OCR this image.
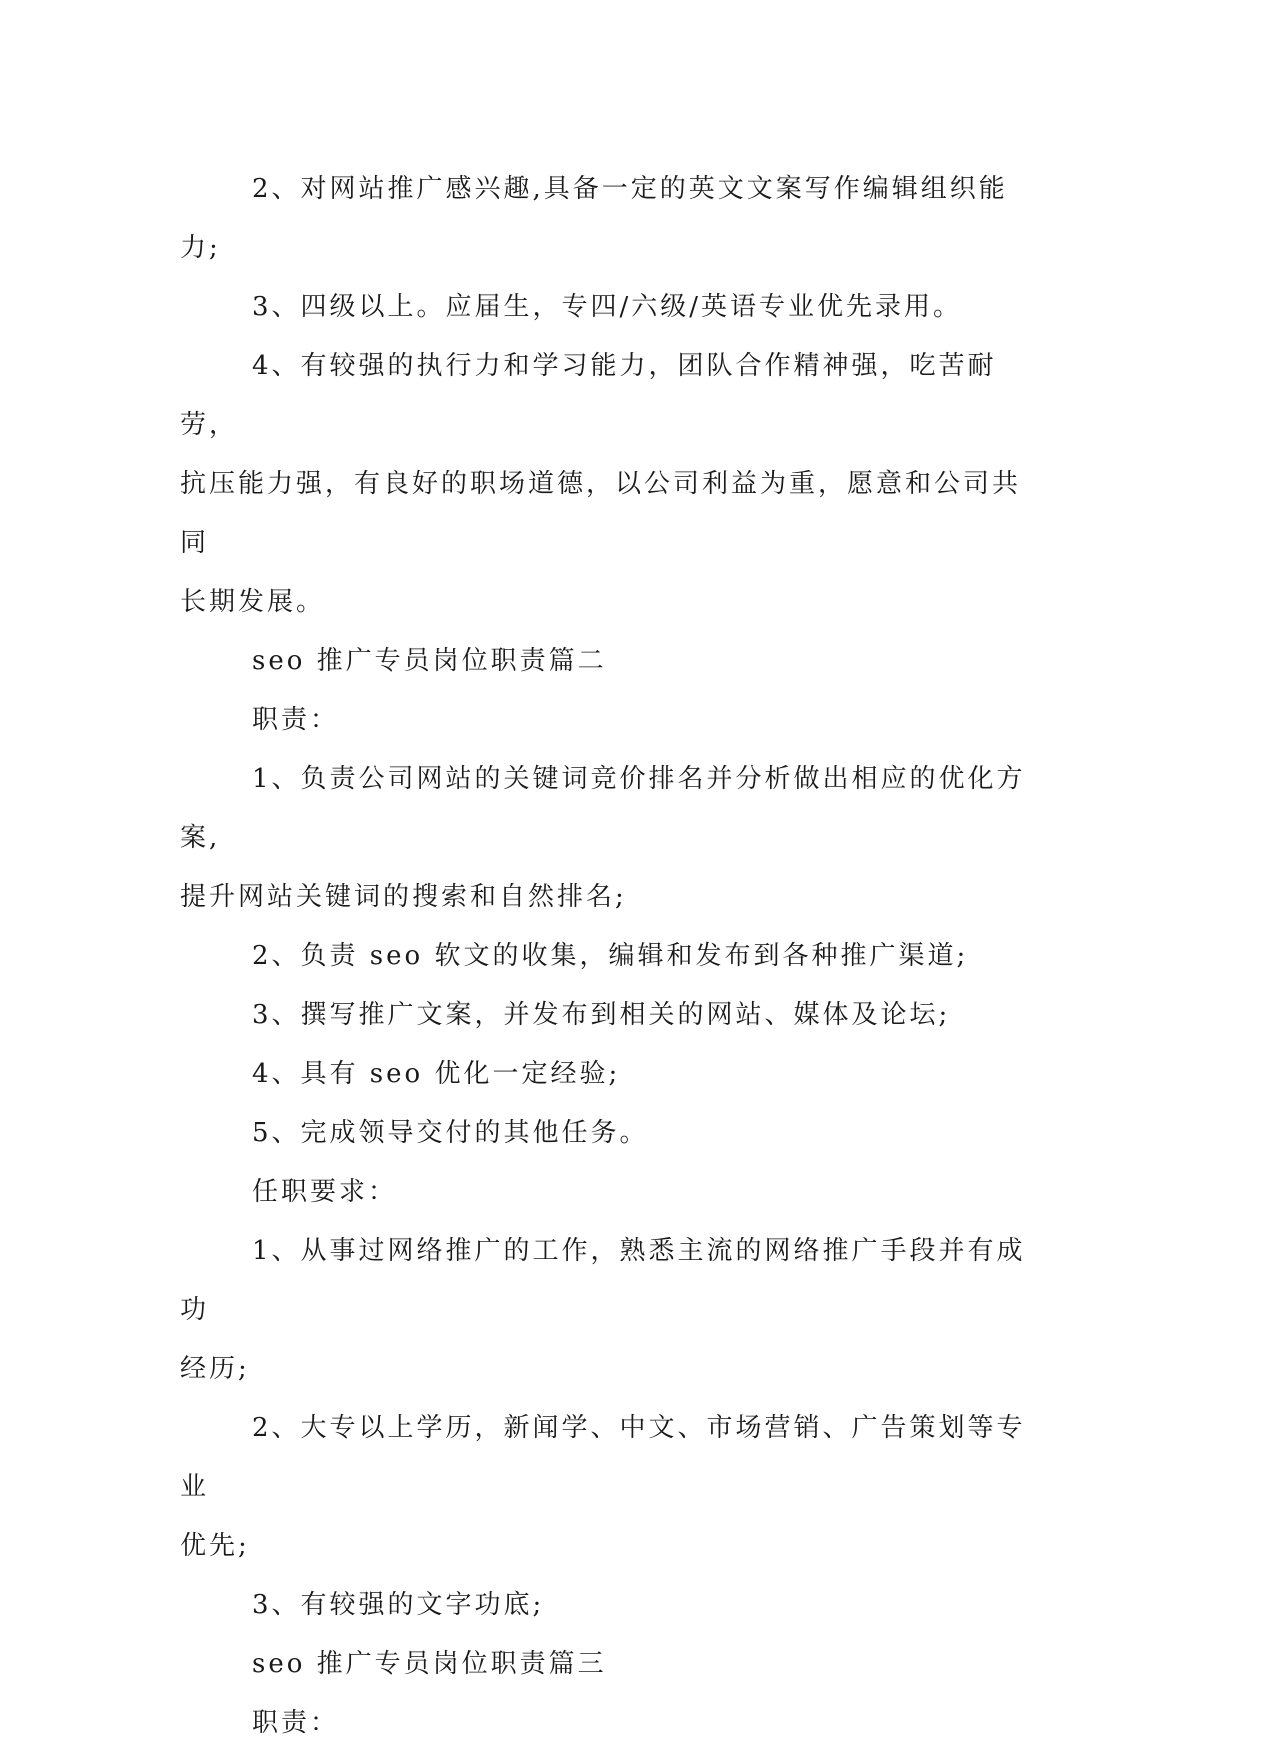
2、对网站推广感兴趣,具备一定的英文文案写作编辑组织能力;

3、四级以上。应届生，专四/六级/英语专业优先录用。

4、有较强的执行力和学习能力，团队合作精神强，吃苦耐劳，
抗压能力强，有良好的职场道德，以公司利益为重，愿意和公司共同
长期发展。

seo 推广专员岗位职责篇二

职责：

1、负责公司网站的关键词竞价排名并分析做出相应的优化方案,
提升网站关键词的搜索和自然排名;

2、负责 seo 软文的收集，编辑和发布到各种推广渠道;

3、撰写推广文案，并发布到相关的网站、媒体及论坛;

4、具有 seo 优化一定经验;

5、完成领导交付的其他任务。

任职要求：

1、从事过网络推广的工作，熟悉主流的网络推广手段并有成功
经历;

2、大专以上学历，新闻学、中文、市场营销、广告策划等专业
优先;

3、有较强的文字功底;

seo 推广专员岗位职责篇三

职责：
